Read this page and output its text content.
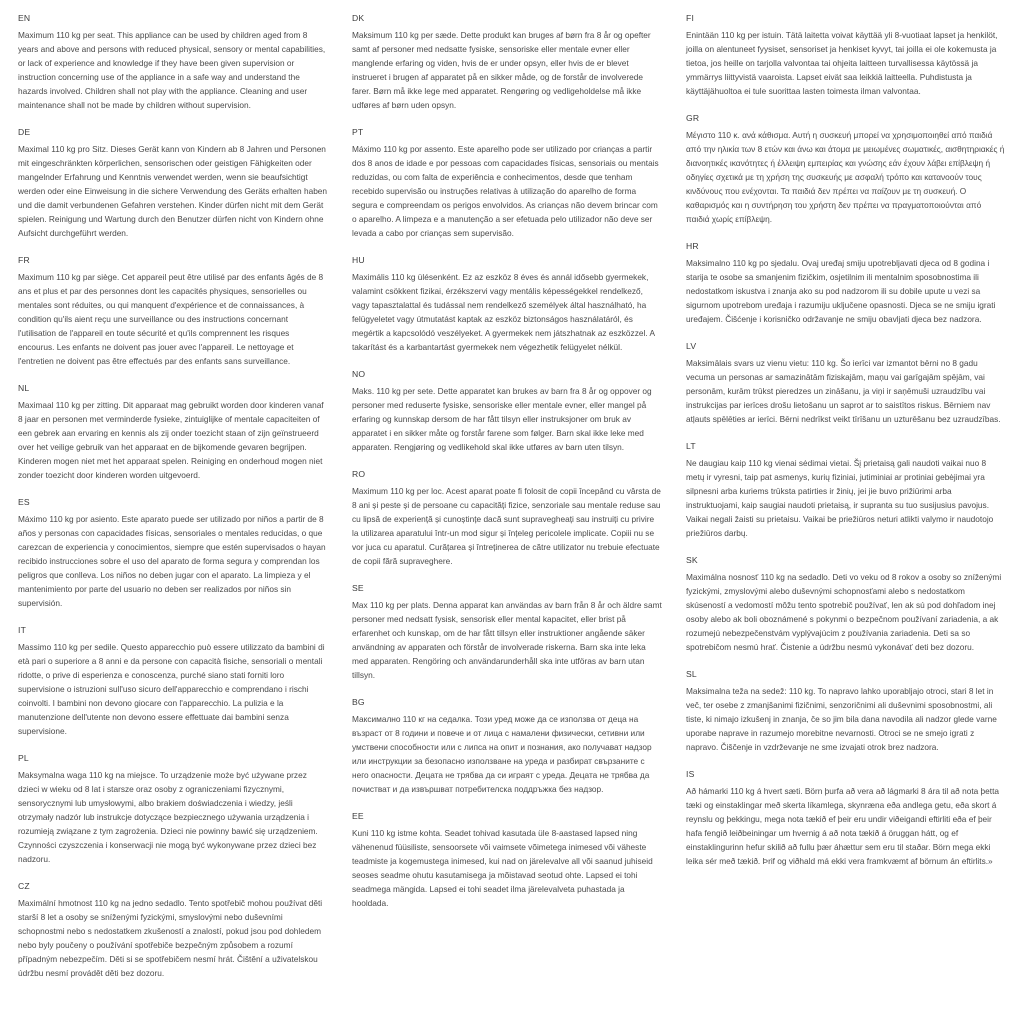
EN

Maximum 110 kg per seat. This appliance can be used by children aged from 8 years and above and persons with reduced physical, sensory or mental capabilities, or lack of experience and knowledge if they have been given supervision or instruction concerning use of the appliance in a safe way and understand the hazards involved. Children shall not play with the appliance. Cleaning and user maintenance shall not be made by children without supervision.

DE

Maximal 110 kg pro Sitz. Dieses Gerät kann von Kindern ab 8 Jahren und Personen mit eingeschränkten körperlichen, sensorischen oder geistigen Fähigkeiten oder mangelnder Erfahrung und Kenntnis verwendet werden, wenn sie beaufsichtigt werden oder eine Einweisung in die sichere Verwendung des Geräts erhalten haben und die damit verbundenen Gefahren verstehen. Kinder dürfen nicht mit dem Gerät spielen. Reinigung und Wartung durch den Benutzer dürfen nicht von Kindern ohne Aufsicht durchgeführt werden.

FR

Maximum 110 kg par siège. Cet appareil peut être utilisé par des enfants âgés de 8 ans et plus et par des personnes dont les capacités physiques, sensorielles ou mentales sont réduites, ou qui manquent d'expérience et de connaissances, à condition qu'ils aient reçu une surveillance ou des instructions concernant l'utilisation de l'appareil en toute sécurité et qu'ils comprennent les risques encourus. Les enfants ne doivent pas jouer avec l'appareil. Le nettoyage et l'entretien ne doivent pas être effectués par des enfants sans surveillance.

NL

Maximaal 110 kg per zitting. Dit apparaat mag gebruikt worden door kinderen vanaf 8 jaar en personen met verminderde fysieke, zintuiglijke of mentale capaciteiten of een gebrek aan ervaring en kennis als zij onder toezicht staan of zijn geïnstrueerd over het veilige gebruik van het apparaat en de bijkomende gevaren begrijpen. Kinderen mogen niet met het apparaat spelen. Reiniging en onderhoud mogen niet zonder toezicht door kinderen worden uitgevoerd.

ES

Máximo 110 kg por asiento. Este aparato puede ser utilizado por niños a partir de 8 años y personas con capacidades físicas, sensoriales o mentales reducidas, o que carezcan de experiencia y conocimientos, siempre que estén supervisados o hayan recibido instrucciones sobre el uso del aparato de forma segura y comprendan los peligros que conlleva. Los niños no deben jugar con el aparato. La limpieza y el mantenimiento por parte del usuario no deben ser realizados por niños sin supervisión.

IT

Massimo 110 kg per sedile. Questo apparecchio può essere utilizzato da bambini di età pari o superiore a 8 anni e da persone con capacità fisiche, sensoriali o mentali ridotte, o prive di esperienza e conoscenza, purché siano stati forniti loro supervisione o istruzioni sull'uso sicuro dell'apparecchio e comprendano i rischi coinvolti. I bambini non devono giocare con l'apparecchio. La pulizia e la manutenzione dell'utente non devono essere effettuate dai bambini senza supervisione.

PL

Maksymalna waga 110 kg na miejsce. To urządzenie może być używane przez dzieci w wieku od 8 lat i starsze oraz osoby z ograniczeniami fizycznymi, sensorycznymi lub umysłowymi, albo brakiem doświadczenia i wiedzy, jeśli otrzymały nadzór lub instrukcje dotyczące bezpiecznego używania urządzenia i rozumieją związane z tym zagrożenia. Dzieci nie powinny bawić się urządzeniem. Czynności czyszczenia i konserwacji nie mogą być wykonywane przez dzieci bez nadzoru.

CZ

Maximální hmotnost 110 kg na jedno sedadlo. Tento spotřebič mohou používat děti starší 8 let a osoby se sníženými fyzickými, smyslovými nebo duševními schopnostmi nebo s nedostatkem zkušeností a znalostí, pokud jsou pod dohledem nebo byly poučeny o používání spotřebiče bezpečným způsobem a rozumí případným nebezpečím. Děti si se spotřebičem nesmí hrát. Čištění a uživatelskou údržbu nesmí provádět děti bez dozoru.

DK

Maksimum 110 kg per sæde. Dette produkt kan bruges af børn fra 8 år og opefter samt af personer med nedsatte fysiske, sensoriske eller mentale evner eller manglende erfaring og viden, hvis de er under opsyn, eller hvis de er blevet instrueret i brugen af apparatet på en sikker måde, og de forstår de involverede farer. Børn må ikke lege med apparatet. Rengøring og vedligeholdelse må ikke udføres af børn uden opsyn.

PT

Máximo 110 kg por assento. Este aparelho pode ser utilizado por crianças a partir dos 8 anos de idade e por pessoas com capacidades físicas, sensoriais ou mentais reduzidas, ou com falta de experiência e conhecimentos, desde que tenham recebido supervisão ou instruções relativas à utilização do aparelho de forma segura e compreendam os perigos envolvidos. As crianças não devem brincar com o aparelho. A limpeza e a manutenção a ser efetuada pelo utilizador não deve ser levada a cabo por crianças sem supervisão.

HU

Maximális 110 kg ülésenként. Ez az eszköz 8 éves és annál idősebb gyermekek, valamint csökkent fizikai, érzékszervi vagy mentális képességekkel rendelkező, vagy tapasztalattal és tudással nem rendelkező személyek által használható, ha felügyeletet vagy útmutatást kaptak az eszköz biztonságos használatáról, és megértik a kapcsolódó veszélyeket. A gyermekek nem játszhatnak az eszközzel. A takarítást és a karbantartást gyermekek nem végezhetik felügyelet nélkül.

NO

Maks. 110 kg per sete. Dette apparatet kan brukes av barn fra 8 år og oppover og personer med reduserte fysiske, sensoriske eller mentale evner, eller mangel på erfaring og kunnskap dersom de har fått tilsyn eller instruksjoner om bruk av apparatet i en sikker måte og forstår farene som følger. Barn skal ikke leke med apparaten. Rengjøring og vedlikehold skal ikke utføres av barn uten tilsyn.

RO

Maximum 110 kg per loc. Acest aparat poate fi folosit de copii începând cu vârsta de 8 ani și peste și de persoane cu capacități fizice, senzoriale sau mentale reduse sau cu lipsă de experiență și cunoștințe dacă sunt supravegheați sau instruiți cu privire la utilizarea aparatului într-un mod sigur și înțeleg pericolele implicate. Copiii nu se vor juca cu aparatul. Curățarea și întreținerea de către utilizator nu trebuie efectuate de copii fără supraveghere.

SE

Max 110 kg per plats. Denna apparat kan användas av barn från 8 år och äldre samt personer med nedsatt fysisk, sensorisk eller mental kapacitet, eller brist på erfarenhet och kunskap, om de har fått tillsyn eller instruktioner angående säker användning av apparaten och förstår de involverade riskerna. Barn ska inte leka med apparaten. Rengöring och användarunderhåll ska inte utföras av barn utan tillsyn.

BG

Максимално 110 кг на седалка. Този уред може да се използва от деца на възраст от 8 години и повече и от лица с намалени физически, сетивни или умствени способности или с липса на опит и познания, ако получават надзор или инструкции за безопасно използване на уреда и разбират свързаните с него опасности. Децата не трябва да си играят с уреда. Децата не трябва да почистват и да извършват потребителска поддръжка без надзор.

EE

Kuni 110 kg istme kohta. Seadet tohivad kasutada üle 8-aastased lapsed ning vähenenud füüsiliste, sensoorsete või vaimsete võimetega inimesed või väheste teadmiste ja kogemustega inimesed, kui nad on järelevalve all või saanud juhiseid seoses seadme ohutu kasutamisega ja mõistavad seotud ohte. Lapsed ei tohi seadmega mängida. Lapsed ei tohi seadet ilma järelevalveta puhastada ja hooldada.

FI

Enintään 110 kg per istuin. Tätä laitetta voivat käyttää yli 8-vuotiaat lapset ja henkilöt, joilla on alentuneet fyysiset, sensoriset ja henkiset kyvyt, tai joilla ei ole kokemusta ja tietoa, jos heille on tarjolla valvontaa tai ohjeita laitteen turvallisessa käytössä ja ymmärrys liittyvistä vaaroista. Lapset eivät saa leikkiä laitteella. Puhdistusta ja käyttäjähuoltoa ei tule suorittaa lasten toimesta ilman valvontaa.

GR

Μέγιστο 110 κ. ανά κάθισμα. Αυτή η συσκευή μπορεί να χρησιμοποιηθεί από παιδιά από την ηλικία των 8 ετών και άνω και άτομα με μειωμένες σωματικές, αισθητηριακές ή διανοητικές ικανότητες ή έλλειψη εμπειρίας και γνώσης εάν έχουν λάβει επίβλεψη ή οδηγίες σχετικά με τη χρήση της συσκευής με ασφαλή τρόπο και κατανοούν τους κινδύνους που ενέχονται. Τα παιδιά δεν πρέπει να παίζουν με τη συσκευή. Ο καθαρισμός και η συντήρηση του χρήστη δεν πρέπει να πραγματοποιούνται από παιδιά χωρίς επίβλεψη.

HR

Maksimalno 110 kg po sjedalu. Ovaj uređaj smiju upotrebljavati djeca od 8 godina i starija te osobe sa smanjenim fizičkim, osjetilnim ili mentalnim sposobnostima ili nedostatkom iskustva i znanja ako su pod nadzorom ili su dobile upute u vezi sa sigurnom upotrebom uređaja i razumiju uključene opasnosti. Djeca se ne smiju igrati uređajem. Čišćenje i korisničko održavanje ne smiju obavljati djeca bez nadzora.

LV

Maksimālais svars uz vienu vietu: 110 kg. Šo ierīci var izmantot bērni no 8 gadu vecuma un personas ar samazinātām fiziskajām, maņu vai garīgajām spējām, vai personām, kurām trūkst pieredzes un zināšanu, ja viņi ir saņēmuši uzraudzību vai instrukcijas par ierīces drošu lietošanu un saprot ar to saistītos riskus. Bērniem nav atļauts spēlēties ar ierīci. Bērni nedrīkst veikt tīrīšanu un uzturēšanu bez uzraudzības.

LT

Ne daugiau kaip 110 kg vienai sėdimai vietai. Šį prietaisą gali naudoti vaikai nuo 8 metų ir vyresni, taip pat asmenys, kurių fiziniai, jutiminiai ar protiniai gebėjimai yra silpnesni arba kuriems trūksta patirties ir žinių, jei jie buvo prižiūrimi arba instruktuojami, kaip saugiai naudoti prietaisą, ir supranta su tuo susijusius pavojus. Vaikai negali žaisti su prietaisu. Vaikai be priežiūros neturi atlikti valymo ir naudotojo priežiūros darbų.

SK

Maximálna nosnosť 110 kg na sedadlo. Deti vo veku od 8 rokov a osoby so zníženými fyzickými, zmyslovými alebo duševnými schopnosťami alebo s nedostatkom skúseností a vedomostí môžu tento spotrebič používať, len ak sú pod dohľadom inej osoby alebo ak boli oboznámené s pokynmi o bezpečnom používaní zariadenia, a ak rozumejú nebezpečenstvám vyplývajúcim z používania zariadenia. Deti sa so spotrebičom nesmú hrať. Čistenie a údržbu nesmú vykonávať deti bez dozoru.

SL

Maksimalna teža na sedež: 110 kg. To napravo lahko uporabljajo otroci, stari 8 let in več, ter osebe z zmanjšanimi fizičnimi, senzoričnimi ali duševnimi sposobnostmi, ali tiste, ki nimajo izkušenj in znanja, če so jim bila dana navodila ali nadzor glede varne uporabe naprave in razumejo morebitne nevarnosti. Otroci se ne smejo igrati z napravo. Čiščenje in vzdrževanje ne sme izvajati otrok brez nadzora.

IS

Að hámarki 110 kg á hvert sæti. Börn þurfa að vera að lágmarki 8 ára til að nota þetta tæki og einstaklingar með skerta líkamlega, skynræna eða andlega getu, eða skort á reynslu og þekkingu, mega nota tækið ef þeir eru undir viðeigandi eftirliti eða ef þeir hafa fengið leiðbeiningar um hvernig á að nota tækið á öruggan hátt, og ef einstaklingurinn hefur skilið að fullu þær áhættur sem eru til staðar. Börn mega ekki leika sér með tækið. Þrif og viðhald má ekki vera framkvæmt af börnum án eftirlits.»
